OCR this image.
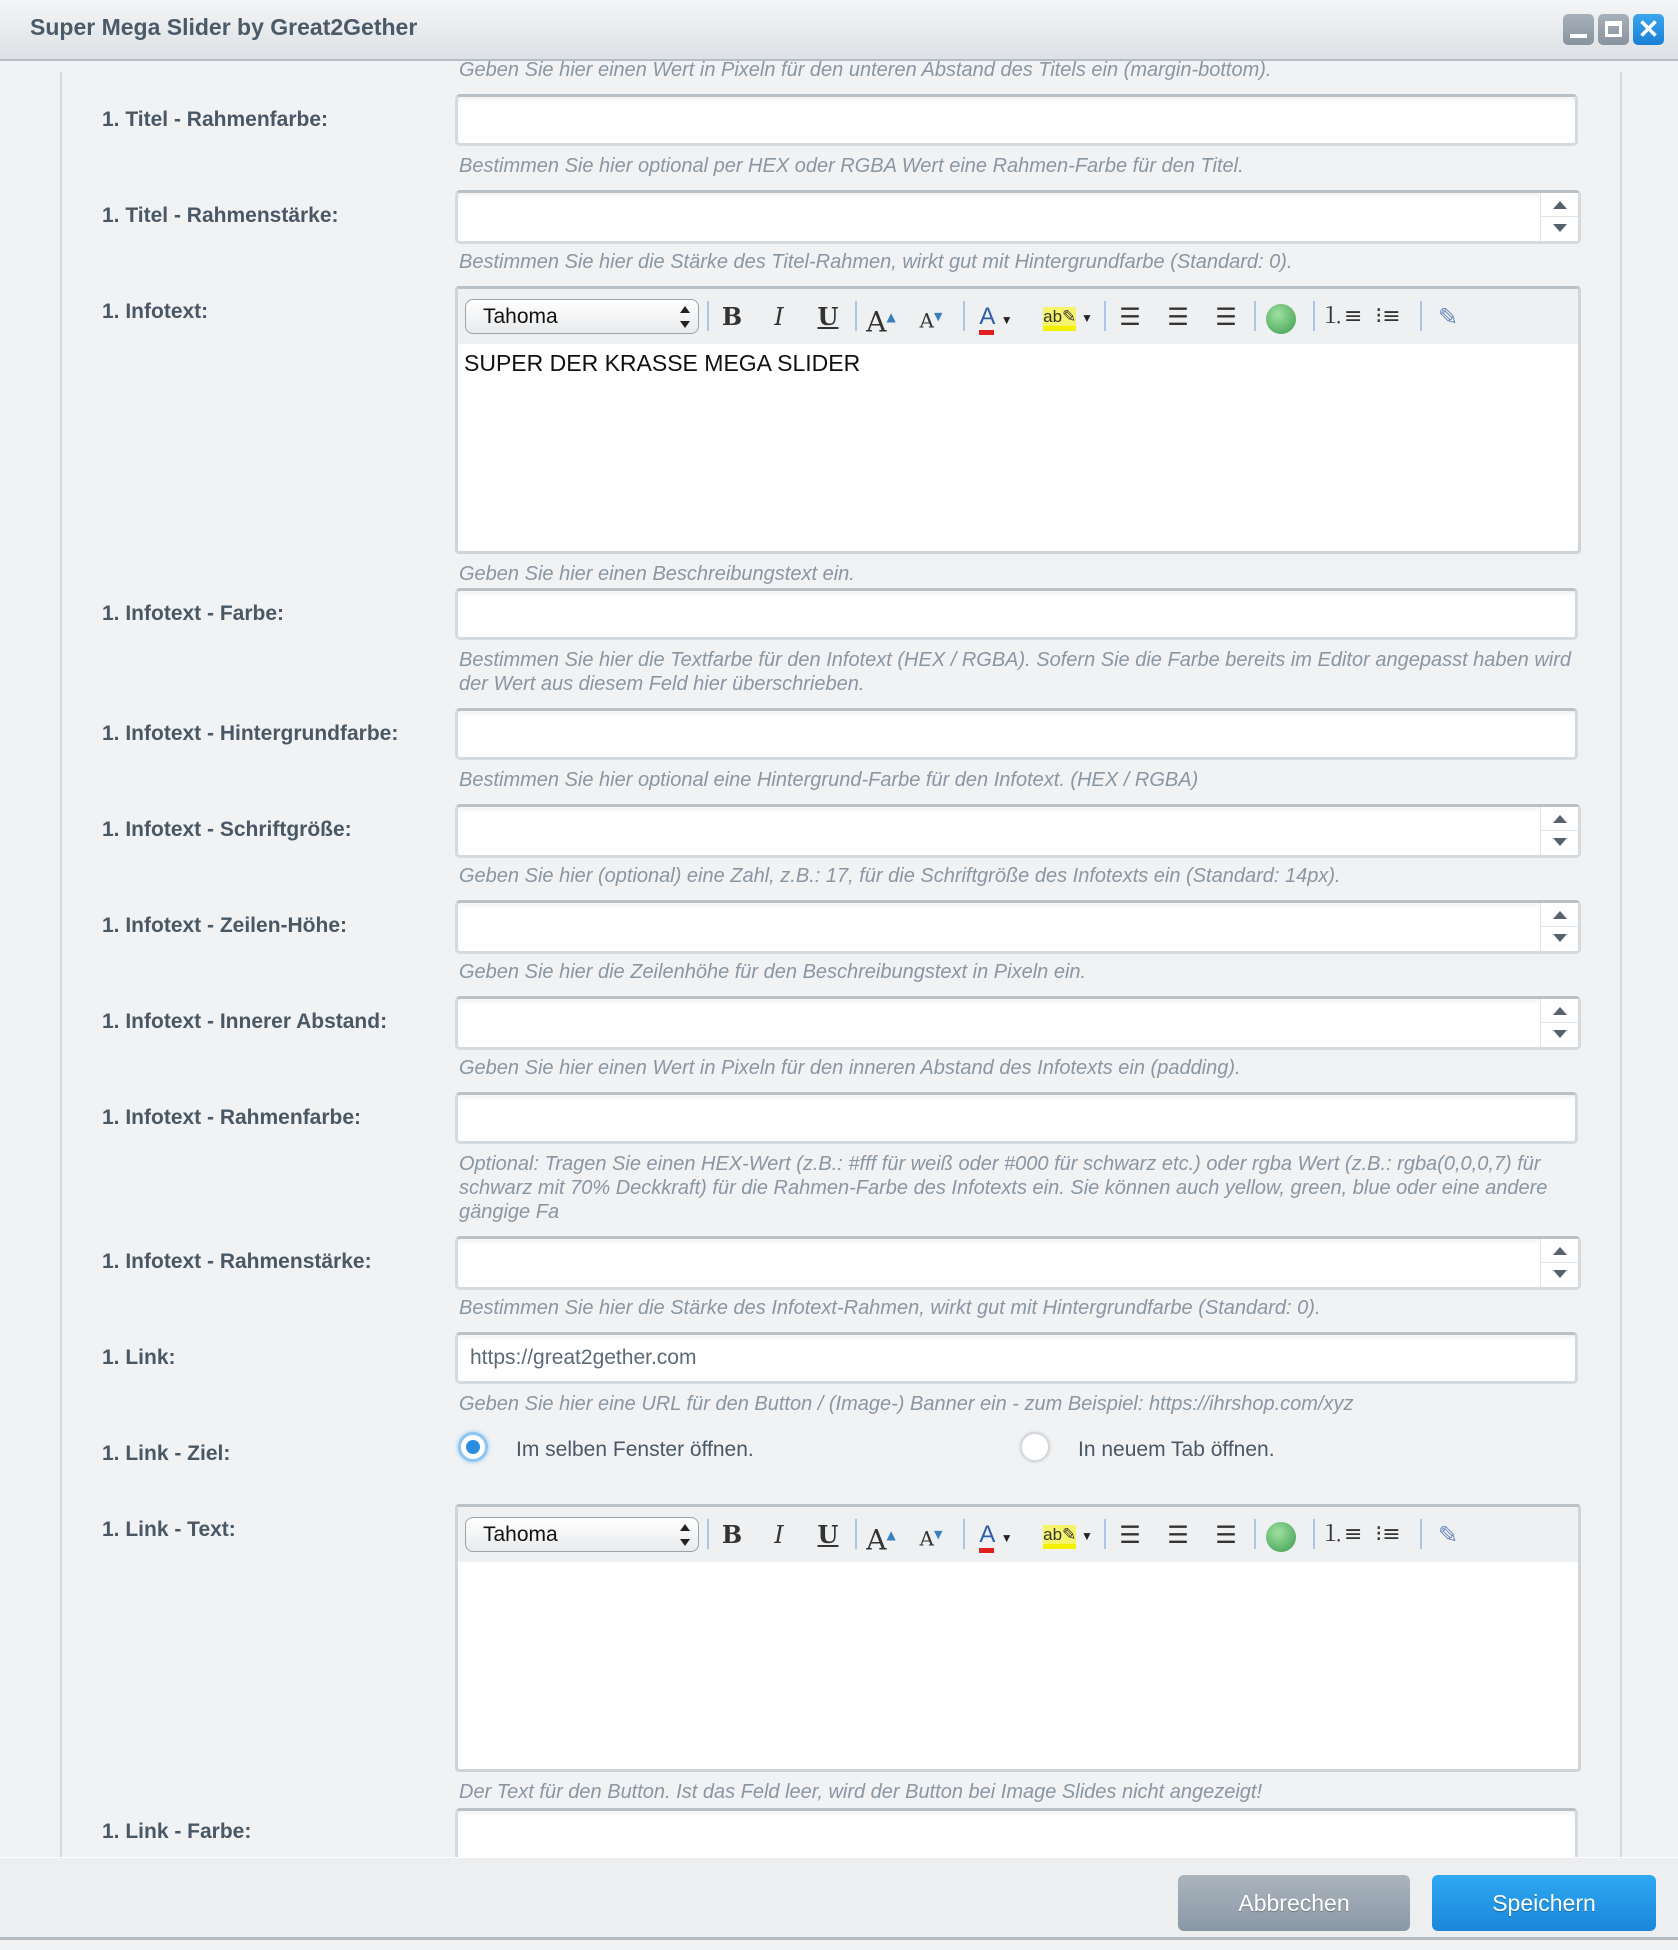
Super Mega Slider by Great2Gether	✕
Geben Sie hier einen Wert in Pixeln für den unteren Abstand des Titels ein (margin-bottom).
1. Titel - Rahmenfarbe:
Bestimmen Sie hier optional per HEX oder RGBA Wert eine Rahmen-Farbe für den Titel.
1. Titel - Rahmenstärke:
Bestimmen Sie hier die Stärke des Titel-Rahmen, wirkt gut mit Hintergrundfarbe (Standard: 0).
1. Infotext:	Tahoma	B	I	U A▲	A▼	A ▼	ab✎ ▼	☰	☰	☰	⒈≡ ⁝≡	✎
SUPER DER KRASSE MEGA SLIDER
Geben Sie hier einen Beschreibungstext ein.
1. Infotext - Farbe:
Bestimmen Sie hier die Textfarbe für den Infotext (HEX / RGBA). Sofern Sie die Farbe bereits im Editor angepasst haben wird der Wert aus diesem Feld hier überschrieben.
1. Infotext - Hintergrundfarbe:
Bestimmen Sie hier optional eine Hintergrund-Farbe für den Infotext. (HEX / RGBA)
1. Infotext - Schriftgröße:
Geben Sie hier (optional) eine Zahl, z.B.: 17, für die Schriftgröße des Infotexts ein (Standard: 14px).
1. Infotext - Zeilen-Höhe:
Geben Sie hier die Zeilenhöhe für den Beschreibungstext in Pixeln ein.
1. Infotext - Innerer Abstand:
Geben Sie hier einen Wert in Pixeln für den inneren Abstand des Infotexts ein (padding).
1. Infotext - Rahmenfarbe:
Optional: Tragen Sie einen HEX-Wert (z.B.: #fff für weiß oder #000 für schwarz etc.) oder rgba Wert (z.B.: rgba(0,0,0,7) für schwarz mit 70% Deckkraft) für die Rahmen-Farbe des Infotexts ein. Sie können auch yellow, green, blue oder eine andere gängige Fa
1. Infotext - Rahmenstärke:
Bestimmen Sie hier die Stärke des Infotext-Rahmen, wirkt gut mit Hintergrundfarbe (Standard: 0).
1. Link:
https://great2gether.com
Geben Sie hier eine URL für den Button / (Image-) Banner ein - zum Beispiel: https://ihrshop.com/xyz
1. Link - Ziel:	Im selben Fenster öffnen.	In neuem Tab öffnen.
1. Link - Text:	Tahoma	B	I	U A▲	A▼	A ▼	ab✎ ▼	☰	☰	☰	⒈≡ ⁝≡	✎
Der Text für den Button. Ist das Feld leer, wird der Button bei Image Slides nicht angezeigt!
1. Link - Farbe:
Abbrechen	Speichern
